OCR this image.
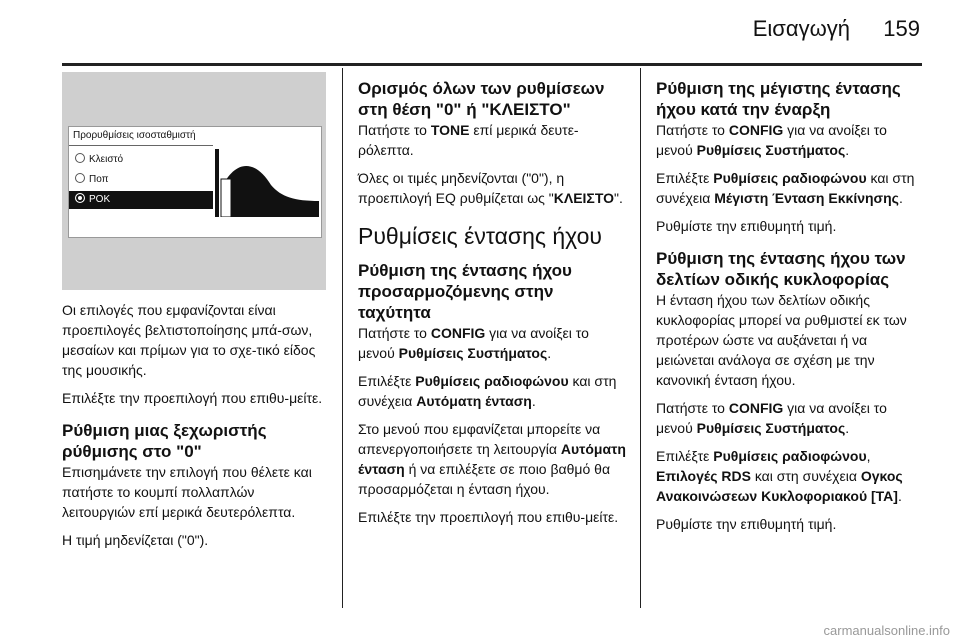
Εισαγωγή 159
Προρυθμίσεις ισοσταθμιστή
Κλειστό
Ποπ
POK

Οι επιλογές που εμφανίζονται είναι προεπιλογές βελτιστοποίησης μπά-σων, μεσαίων και πρίμων για το σχε-τικό είδος της μουσικής.

Επιλέξτε την προεπιλογή που επιθυ-μείτε.

Ρύθμιση μιας ξεχωριστής ρύθμισης στο "0"

Επισημάνετε την επιλογή που θέλετε και πατήστε το κουμπί πολλαπλών λειτουργιών επί μερικά δευτερόλεπτα.

Η τιμή μηδενίζεται ("0").

Ορισμός όλων των ρυθμίσεων στη θέση "0" ή "ΚΛΕΙΣΤΟ"

Πατήστε το TONE επί μερικά δευτε-ρόλεπτα.

Όλες οι τιμές μηδενίζονται ("0"), η προεπιλογή EQ ρυθμίζεται ως "ΚΛΕΙΣΤΟ".

Ρυθμίσεις έντασης ήχου
Ρύθμιση της έντασης ήχου προσαρμοζόμενης στην ταχύτητα

Πατήστε το CONFIG για να ανοίξει το μενού Ρυθμίσεις Συστήματος.

Επιλέξτε Ρυθμίσεις ραδιοφώνου και στη συνέχεια Αυτόματη ένταση.

Στο μενού που εμφανίζεται μπορείτε να απενεργοποιήσετε τη λειτουργία Αυτόματη ένταση ή να επιλέξετε σε ποιο βαθμό θα προσαρμόζεται η ένταση ήχου.

Επιλέξτε την προεπιλογή που επιθυ-μείτε.

Ρύθμιση της μέγιστης έντασης ήχου κατά την έναρξη

Πατήστε το CONFIG για να ανοίξει το μενού Ρυθμίσεις Συστήματος.

Επιλέξτε Ρυθμίσεις ραδιοφώνου και στη συνέχεια Μέγιστη Ένταση Εκκίνησης.

Ρυθμίστε την επιθυμητή τιμή.

Ρύθμιση της έντασης ήχου των δελτίων οδικής κυκλοφορίας

Η ένταση ήχου των δελτίων οδικής κυκλοφορίας μπορεί να ρυθμιστεί εκ των προτέρων ώστε να αυξάνεται ή να μειώνεται ανάλογα σε σχέση με την κανονική ένταση ήχου.

Πατήστε το CONFIG για να ανοίξει το μενού Ρυθμίσεις Συστήματος.

Επιλέξτε Ρυθμίσεις ραδιοφώνου, Επιλογές RDS και στη συνέχεια Ογκος Ανακοινώσεων Κυκλοφοριακού [TA].

Ρυθμίστε την επιθυμητή τιμή.

carmanualsonline.info
